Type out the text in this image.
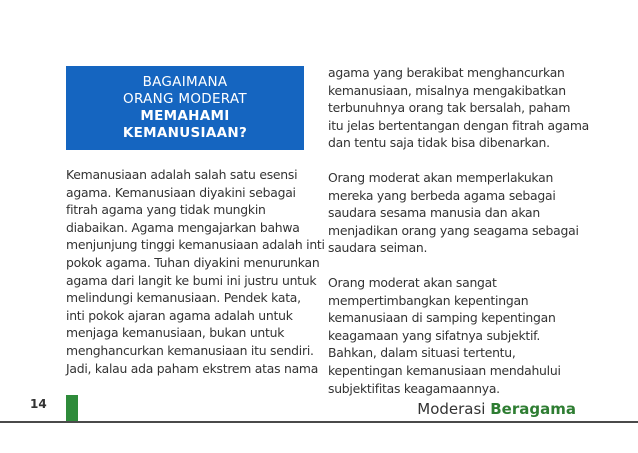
BAGAIMANA
ORANG MODERAT
MEMAHAMI
KEMANUSIAAN?
Kemanusiaan adalah salah satu esensi
agama. Kemanusiaan diyakini sebagai
fitrah agama yang tidak mungkin
diabaikan. Agama mengajarkan bahwa
menjunjung tinggi kemanusiaan adalah inti
pokok agama. Tuhan diyakini menurunkan
agama dari langit ke bumi ini justru untuk
melindungi kemanusiaan. Pendek kata,
inti pokok ajaran agama adalah untuk
menjaga kemanusiaan, bukan untuk
menghancurkan kemanusiaan itu sendiri.
Jadi, kalau ada paham ekstrem atas nama
agama yang berakibat menghancurkan
kemanusiaan, misalnya mengakibatkan
terbunuhnya orang tak bersalah, paham
itu jelas bertentangan dengan fitrah agama
dan tentu saja tidak bisa dibenarkan.
Orang moderat akan memperlakukan
mereka yang berbeda agama sebagai
saudara sesama manusia dan akan
menjadikan orang yang seagama sebagai
saudara seiman.
Orang moderat akan sangat
mempertimbangkan kepentingan
kemanusiaan di samping kepentingan
keagamaan yang sifatnya subjektif.
Bahkan, dalam situasi tertentu,
kepentingan kemanusiaan mendahului
subjektifitas keagamaannya.
14	Moderasi Beragama
